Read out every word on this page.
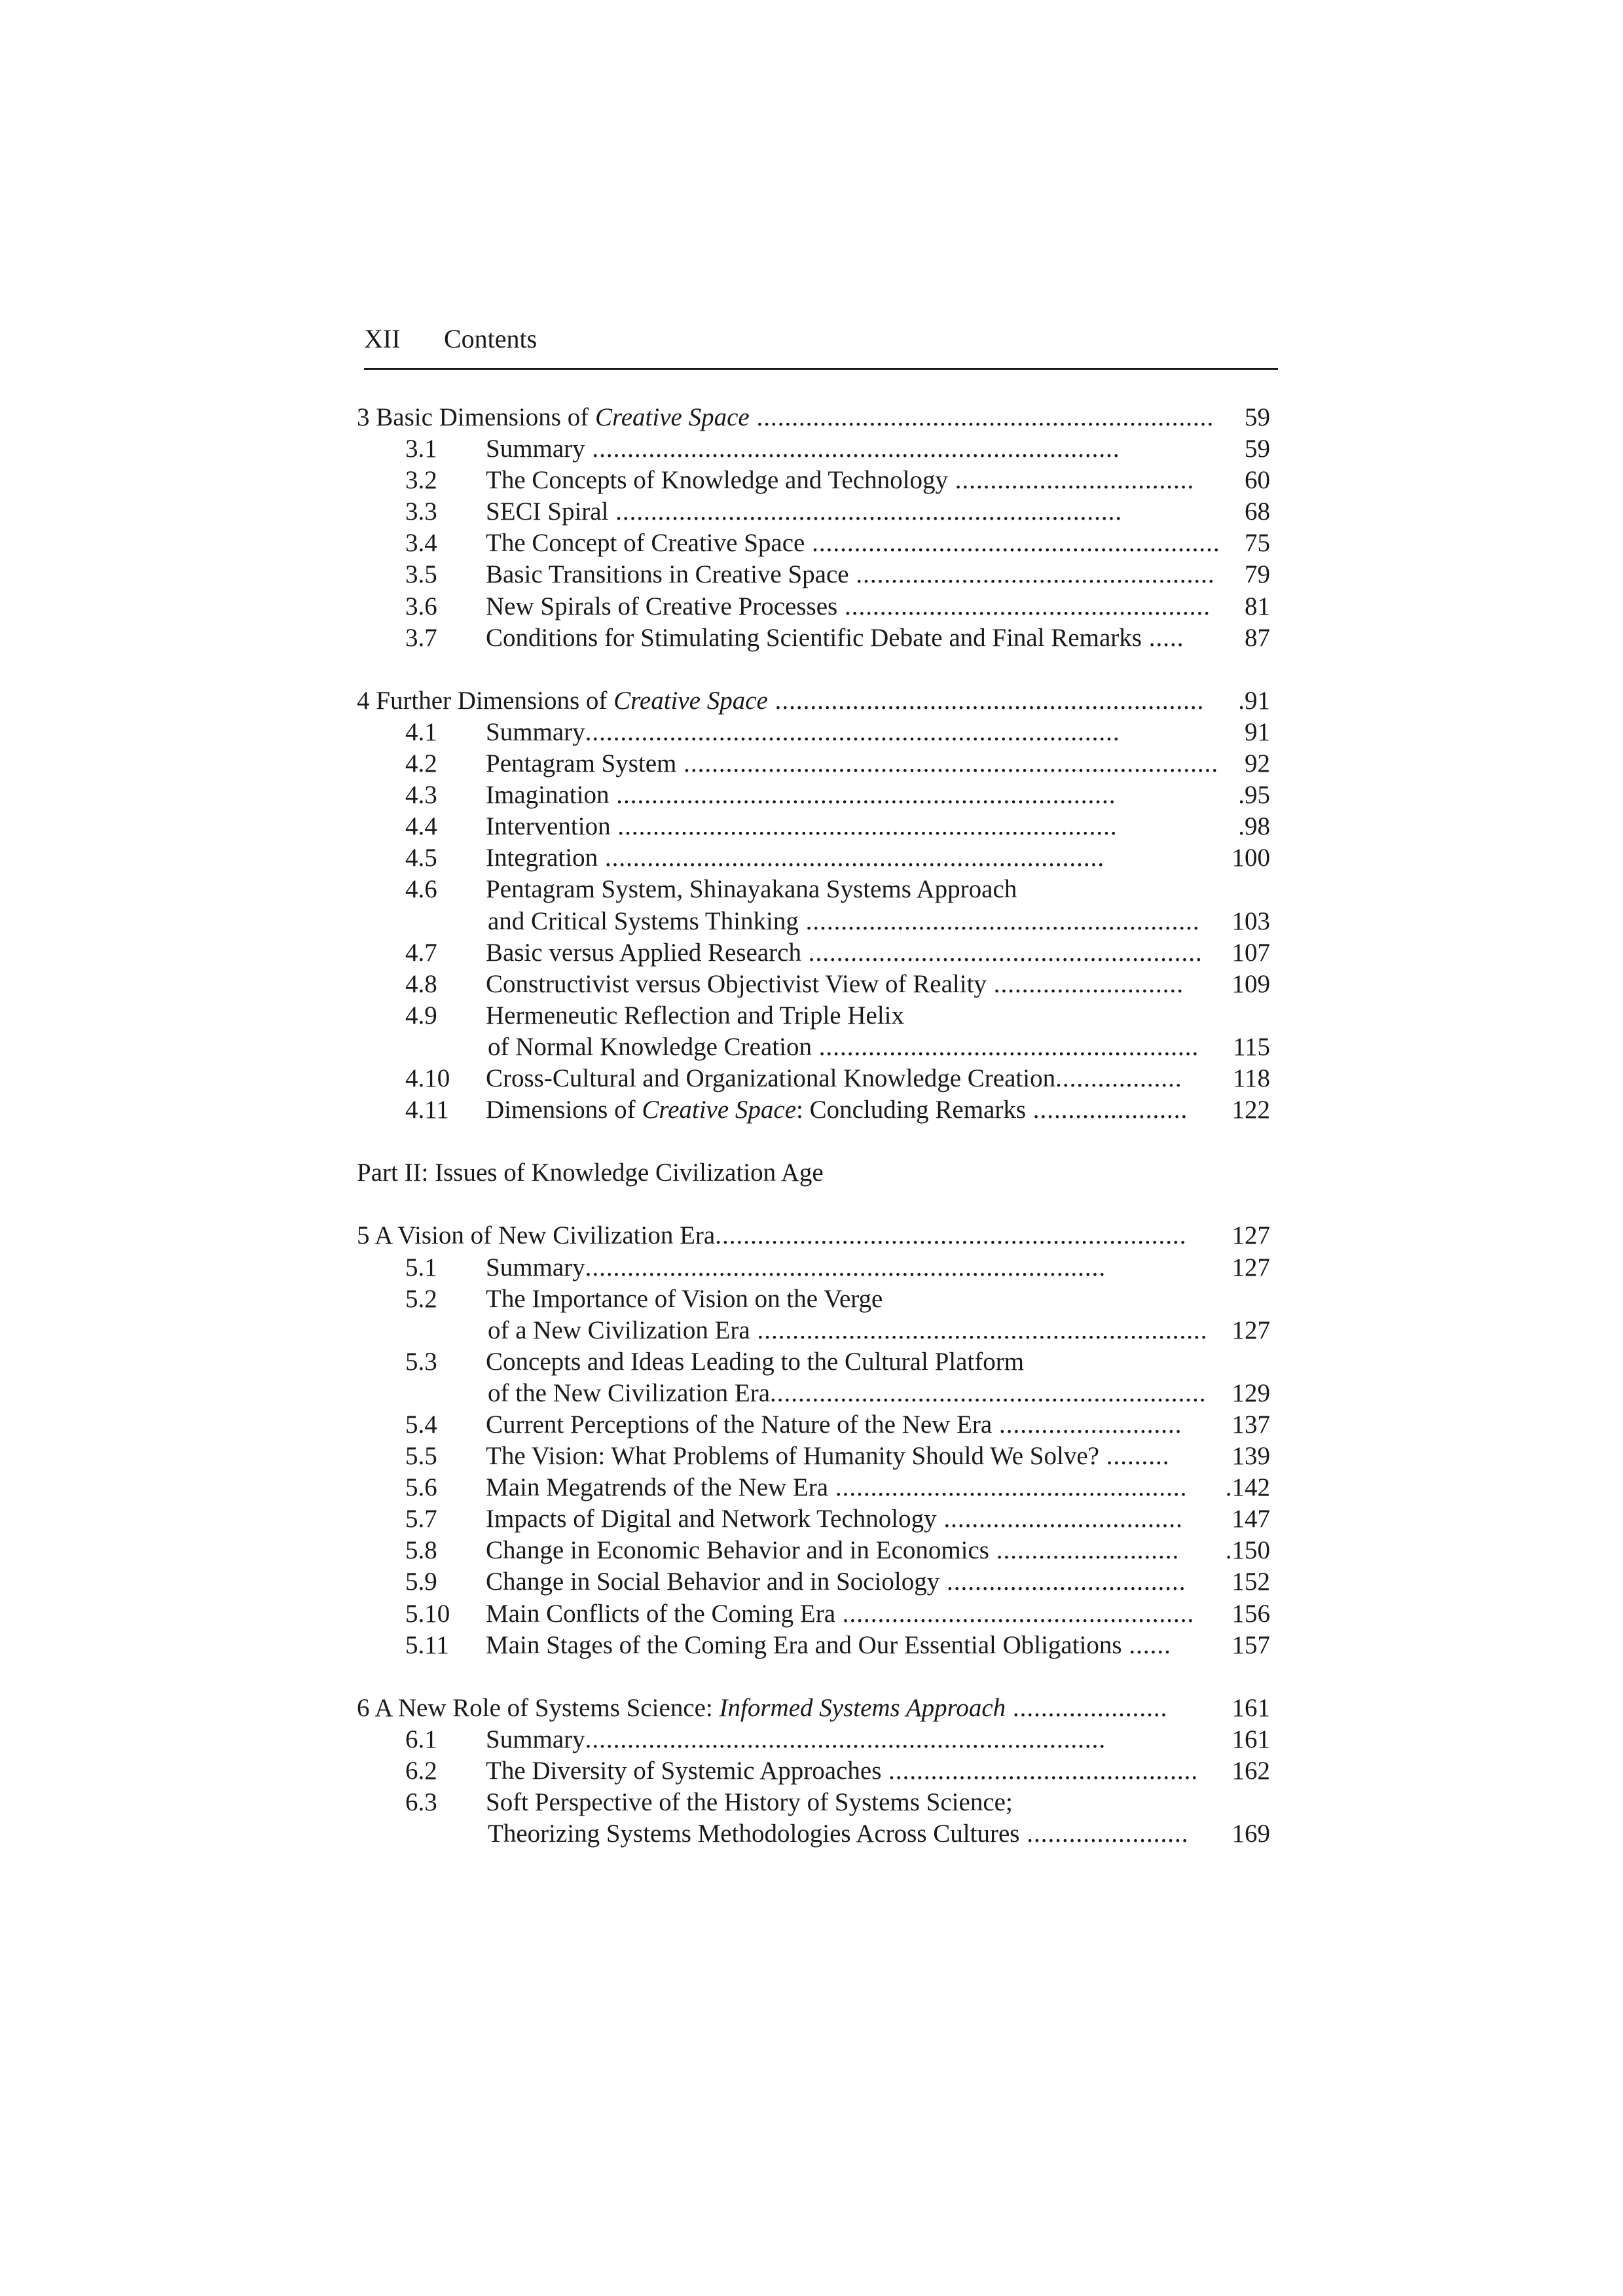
XII Contents
3 Basic Dimensions of Creative Space ................................................................. 59
3.1	Summary ...........................................................................	59
3.2	The Concepts of Knowledge and Technology .................................. 60
3.3	SECI Spiral ........................................................................	68
3.4	The Concept of Creative Space .......................................................... 75
3.5	Basic Transitions in Creative Space ................................................... 79
3.6	New Spirals of Creative Processes .................................................... 81
3.7	Conditions for Stimulating Scientific Debate and Final Remarks ..... 87
4 Further Dimensions of Creative Space ............................................................. .91
4.1	Summary............................................................................	91
4.2	Pentagram System ............................................................................ 92
4.3	Imagination .......................................................................	.95
4.4	Intervention .......................................................................	.98
4.5	Integration .......................................................................	100
4.6	Pentagram System, Shinayakana Systems Approach
and Critical Systems Thinking ........................................................ 103
4.7	Basic versus Applied Research ........................................................ 107
4.8	Constructivist versus Objectivist View of Reality ........................... 109
4.9	Hermeneutic Reflection and Triple Helix
of Normal Knowledge Creation ...................................................... 115
4.10	Cross-Cultural and Organizational Knowledge Creation.................. 118
4.11	Dimensions of Creative Space: Concluding Remarks ...................... 122
Part II: Issues of Knowledge Civilization Age
5 A Vision of New Civilization Era................................................................... 127
5.1	Summary..........................................................................	127
5.2	The Importance of Vision on the Verge
of a New Civilization Era ................................................................ 127
5.3	Concepts and Ideas Leading to the Cultural Platform
of the New Civilization Era.............................................................. 129
5.4	Current Perceptions of the Nature of the New Era .......................... 137
5.5	The Vision: What Problems of Humanity Should We Solve? ......... 139
5.6	Main Megatrends of the New Era .................................................. .142
5.7	Impacts of Digital and Network Technology .................................. 147
5.8	Change in Economic Behavior and in Economics .......................... .150
5.9	Change in Social Behavior and in Sociology .................................. 152
5.10	Main Conflicts of the Coming Era .................................................. 156
5.11	Main Stages of the Coming Era and Our Essential Obligations ...... 157
6 A New Role of Systems Science: Informed Systems Approach ......................	161
6.1	Summary..........................................................................	161
6.2	The Diversity of Systemic Approaches ............................................ 162
6.3	Soft Perspective of the History of Systems Science;
Theorizing Systems Methodologies Across Cultures ....................... 169
